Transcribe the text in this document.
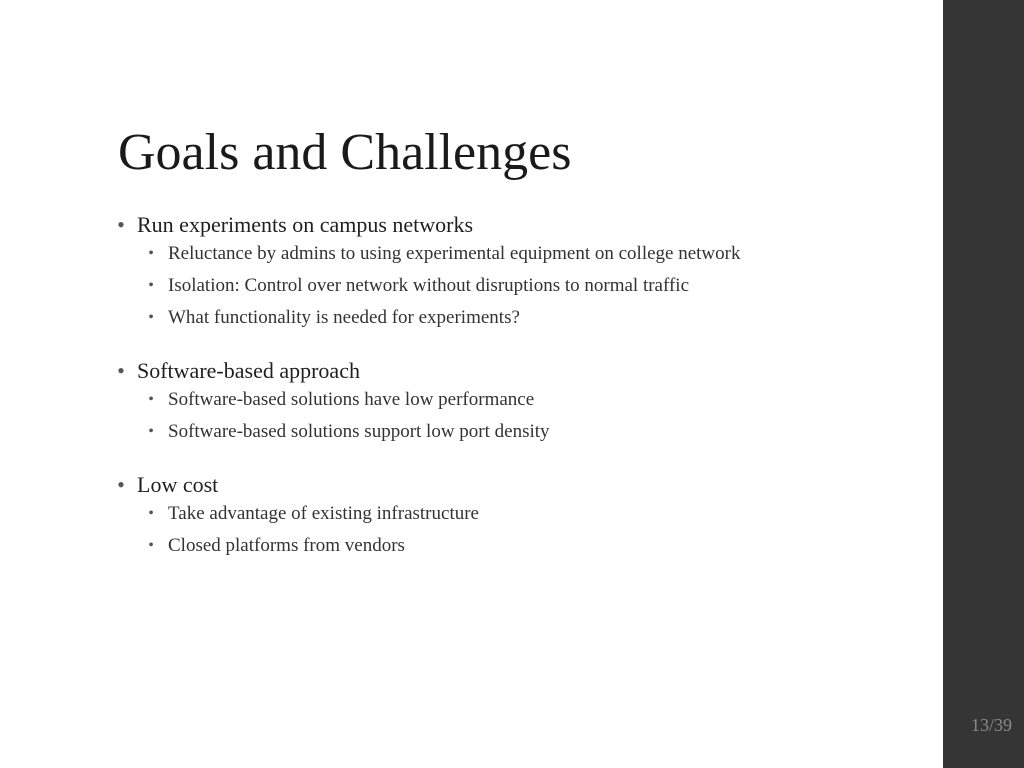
Goals and Challenges
• Run experiments on campus networks
• Reluctance by admins to using experimental equipment on college network
• Isolation: Control over network without disruptions to normal traffic
• What functionality is needed for experiments?
• Software-based approach
• Software-based solutions have low performance
• Software-based solutions support low port density
• Low cost
• Take advantage of existing infrastructure
• Closed platforms from vendors
13/39
